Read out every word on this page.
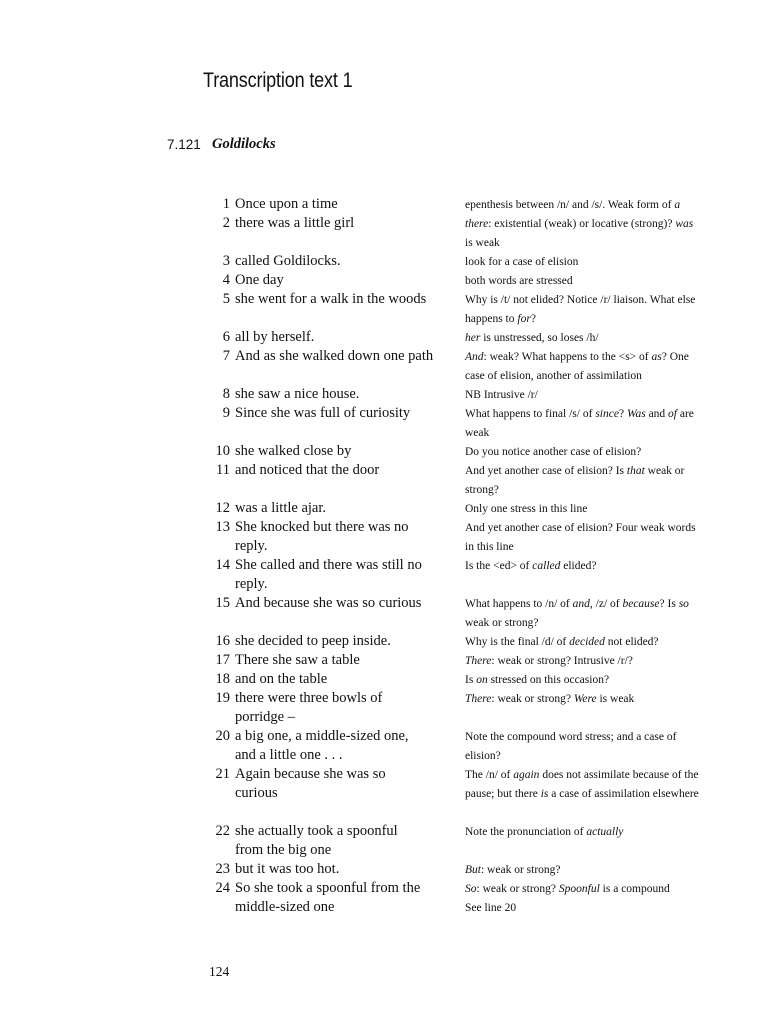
Transcription text 1
7.121 Goldilocks
1 Once upon a time
2 there was a little girl
3 called Goldilocks.
4 One day
5 she went for a walk in the woods
6 all by herself.
7 And as she walked down one path
8 she saw a nice house.
9 Since she was full of curiosity
10 she walked close by
11 and noticed that the door
12 was a little ajar.
13 She knocked but there was no
reply.
14 She called and there was still no
reply.
15 And because she was so curious
16 she decided to peep inside.
17 There she saw a table
18 and on the table
19 there were three bowls of
porridge –
20 a big one, a middle-sized one,
and a little one . . .
21 Again because she was so
curious
22 she actually took a spoonful
from the big one
23 but it was too hot.
24 So she took a spoonful from the
middle-sized one
epenthesis between /n/ and /s/. Weak form of a
there: existential (weak) or locative (strong)? was is weak
look for a case of elision
both words are stressed
Why is /t/ not elided? Notice /r/ liaison. What else happens to for?
her is unstressed, so loses /h/
And: weak? What happens to the <s> of as? One case of elision, another of assimilation
NB Intrusive /r/
What happens to final /s/ of since? Was and of are weak
Do you notice another case of elision?
And yet another case of elision? Is that weak or strong?
Only one stress in this line
And yet another case of elision? Four weak words in this line
Is the <ed> of called elided?
What happens to /n/ of and, /z/ of because? Is so weak or strong?
Why is the final /d/ of decided not elided?
There: weak or strong? Intrusive /r/?
Is on stressed on this occasion?
There: weak or strong? Were is weak
Note the compound word stress; and a case of elision?
The /n/ of again does not assimilate because of the pause; but there is a case of assimilation elsewhere
Note the pronunciation of actually
But: weak or strong?
So: weak or strong? Spoonful is a compound
See line 20
124
